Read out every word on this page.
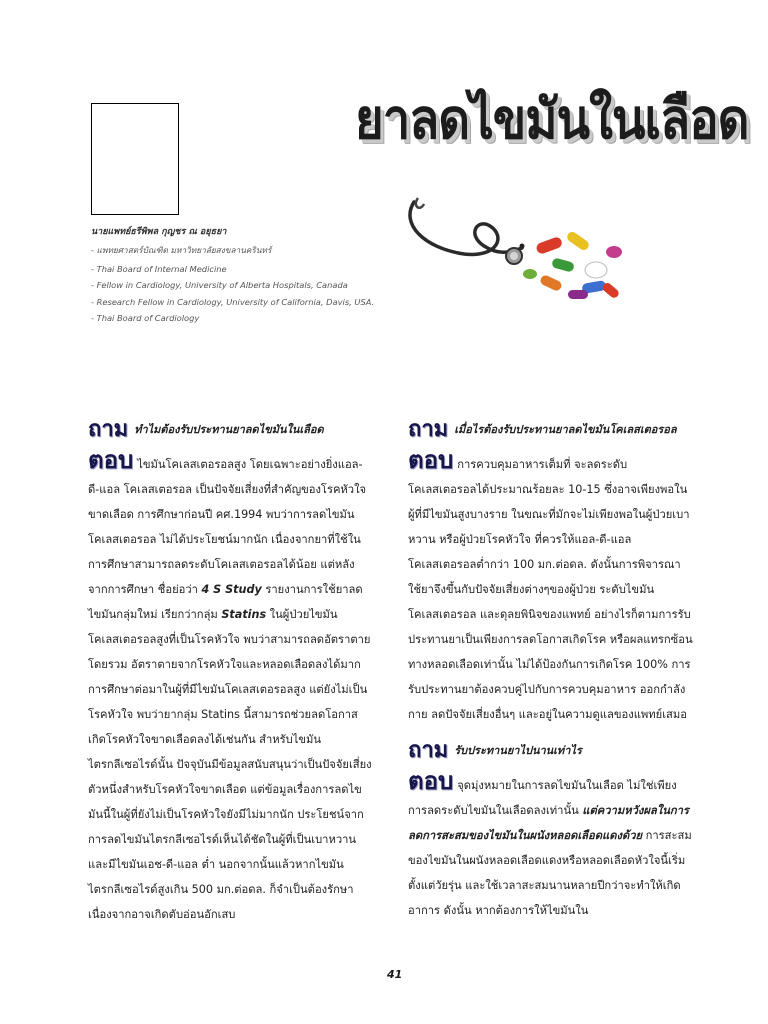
ยาลดไขมันในเลือด

นายแพทย์ธรีพิพล กุญชร ณ อยุธยา

- แพทยศาสตร์บัณฑิต มหาวิทยาลัยสงขลานครินทร์

- Thai Board of Internal Medicine

- Fellow in Cardiology, University of Alberta Hospitals, Canada

- Research Fellow in Cardiology, University of California, Davis, USA.

- Thai Board of Cardiology

ถาม ทำไมต้องรับประทานยาลดไขมันในเลือด

ตอบ ไขมันโคเลสเตอรอลสูง โดยเฉพาะอย่างยิ่งแอล-ดี-แอล โคเลสเตอรอล เป็นปัจจัยเสี่ยงที่สำคัญของโรคหัวใจขาดเลือด การศึกษาก่อนปี คศ.1994 พบว่าการลดไขมันโคเลสเตอรอล ไม่ได้ประโยชน์มากนัก เนื่องจากยาที่ใช้ในการศึกษาสามารถลดระดับโคเลสเตอรอลได้น้อย แต่หลังจากการศึกษา ชื่อย่อว่า 4 S Study รายงานการใช้ยาลดไขมันกลุ่มใหม่ เรียกว่ากลุ่ม Statins ในผู้ป่วยไขมันโคเลสเตอรอลสูงที่เป็นโรคหัวใจ พบว่าสามารถลดอัตราตายโดยรวม อัตราตายจากโรคหัวใจและหลอดเลือดลงได้มาก การศึกษาต่อมาในผู้ที่มีไขมันโคเลสเตอรอลสูง แต่ยังไม่เป็นโรคหัวใจ พบว่ายากลุ่ม Statins นี้สามารถช่วยลดโอกาสเกิดโรคหัวใจขาดเลือดลงได้เช่นกัน สำหรับไขมันไตรกลีเซอไรด์นั้น ปัจจุบันมีข้อมูลสนับสนุนว่าเป็นปัจจัยเสี่ยงตัวหนึ่งสำหรับโรคหัวใจขาดเลือด แต่ข้อมูลเรื่องการลดไขมันนี้ในผู้ที่ยังไม่เป็นโรคหัวใจยังมีไม่มากนัก ประโยชน์จากการลดไขมันไตรกลีเซอไรด์เห็นได้ชัดในผู้ที่เป็นเบาหวาน และมีไขมันเอช-ดี-แอล ต่ำ นอกจากนั้นแล้วหากไขมันไตรกลีเซอไรด์สูงเกิน 500 มก.ต่อดล. ก็จำเป็นต้องรักษาเนื่องจากอาจเกิดตับอ่อนอักเสบ

ถาม เมื่อไรต้องรับประทานยาลดไขมันโคเลสเตอรอล

ตอบ การควบคุมอาหารเต็มที่ จะลดระดับโคเลสเตอรอลได้ประมาณร้อยละ 10-15 ซึ่งอาจเพียงพอในผู้ที่มีไขมันสูงบางราย ในขณะที่มักจะไม่เพียงพอในผู้ป่วยเบาหวาน หรือผู้ป่วยโรคหัวใจ ที่ควรให้แอล-ดี-แอล โคเลสเตอรอลต่ำกว่า 100 มก.ต่อดล. ดังนั้นการพิจารณาใช้ยาจึงขึ้นกับปัจจัยเสี่ยงต่างๆของผู้ป่วย ระดับไขมันโคเลสเตอรอล และดุลยพินิจของแพทย์ อย่างไรก็ตามการรับประทานยาเป็นเพียงการลดโอกาสเกิดโรค หรือผลแทรกซ้อนทางหลอดเลือดเท่านั้น ไม่ได้ป้องกันการเกิดโรค 100% การรับประทานยาต้องควบคู่ไปกับการควบคุมอาหาร ออกกำลังกาย ลดปัจจัยเสี่ยงอื่นๆ และอยู่ในความดูแลของแพทย์เสมอ

ถาม รับประทานยาไปนานเท่าไร

ตอบ จุดมุ่งหมายในการลดไขมันในเลือด ไม่ใช่เพียงการลดระดับไขมันในเลือดลงเท่านั้น แต่ความหวังผลในการลดการสะสมของไขมันในผนังหลอดเลือดแดงด้วย การสะสมของไขมันในผนังหลอดเลือดแดงหรือหลอดเลือดหัวใจนี้เริ่มตั้งแต่วัยรุ่น และใช้เวลาสะสมนานหลายปีกว่าจะทำให้เกิดอาการ ดังนั้น หากต้องการให้ไขมันใน

41
